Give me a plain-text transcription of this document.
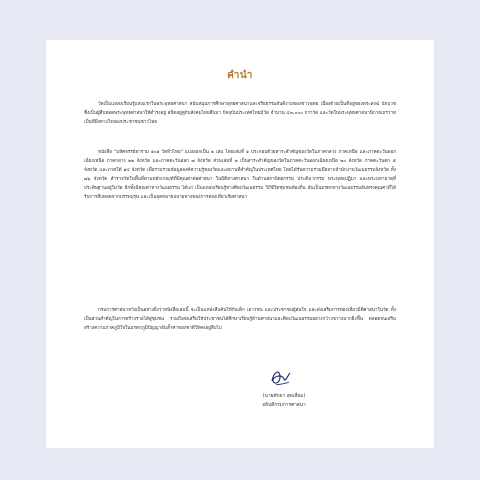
คำนำ
วัดเป็นแหล่งเรียนรู้แห่งแรกในพระพุทธศาสนา สนับสนุนการศึกษาพุทธศาสนาและจริยธรรมอันดีงามของชาวพุทธ เนื่องด้วยเป็นที่อยู่ของพระสงฆ์ นักบวชซึ่งเป็นผู้สืบทอดพระพุทธศาสนาให้ดำรงอยู่ สถิตอยู่คู่กับสังคมไทยสืบมา ปัจจุบันประเทศไทยมีวัด จำนวน ๔๓,๐๐๐ กว่าวัด และวัดในพระพุทธศาสนานิกายเถรวาทเป็นที่พึ่งทางใจของประชาชนชาวไทย
หนังสือ "มหัศจรรย์อาราม ๑๐๑ วัดทั่วไทย" แบ่งออกเป็น ๒ เล่ม โดยเล่มที่ ๑ ประกอบด้วยสาระสำคัญของวัดในภาคกลาง ภาคเหนือ และภาคตะวันออกเฉียงเหนือ ภาคกลาง ๒๒ จังหวัด และภาคตะวันออก ๗ จังหวัด ส่วนเล่มที่ ๒ เป็นสาระสำคัญของวัดในภาคตะวันออกเฉียงเหนือ ๒๐ จังหวัด ภาคตะวันตก ๕ จังหวัด และภาคใต้ ๑๔ จังหวัด เพื่อรวบรวมข้อมูลองค์ความรู้ของวัดและสถานที่สำคัญในประเทศไทย โดยได้รับความร่วมมือจากสำนักงานวัฒนธรรมจังหวัด ทั้ง ๗๖ จังหวัด สำรวจวัดในพื้นที่ตามหลักเกณฑ์ที่มีคุณค่าต่อศาสนา ในมิติทางศาสนา ในด้านสถาปัตยกรรม ประติมากรรม พระพุทธปฏิมา และพระมหาธาตุที่ประดิษฐานอยู่ในวัด อีกทั้งมีคุณค่าทางวัฒนธรรม ได้แก่ เป็นแหล่งเรียนรู้ทางศิลปวัฒนธรรม วิถีชีวิตชุมชนท้องถิ่น อันเป็นมรดกทางวัฒนธรรมอันทรงคุณค่าที่ได้รับการสืบทอดจากบรรพบุรุษ และเป็นจุดหมายปลายทางของการท่องเที่ยวเชิงศาสนา
กรมการศาสนาหวังเป็นอย่างยิ่งว่าหนังสือเล่มนี้ จะเป็นแหล่งสืบค้นให้กับเด็ก เยาวชน และประชาชนผู้สนใจ และส่งเสริมการท่องเที่ยวมิติศาสนาในวัด ทั้งเป็นส่วนสำคัญในการสร้างรายได้สู่ชุมชน รวมถึงส่งเสริมให้ประชาชนได้ศึกษาเรียนรู้ด้านศาสนาและศิลปวัฒนธรรมอย่างกว้างขวางมากยิ่งขึ้น ตลอดจนเสริมสร้างความภาคภูมิใจในมรดกภูมิปัญญาอันล้ำค่าของชาติให้คงอยู่สืบไป
(นายศักดา สุดเสี่ยม)
อธิบดีกรมการศาสนา
